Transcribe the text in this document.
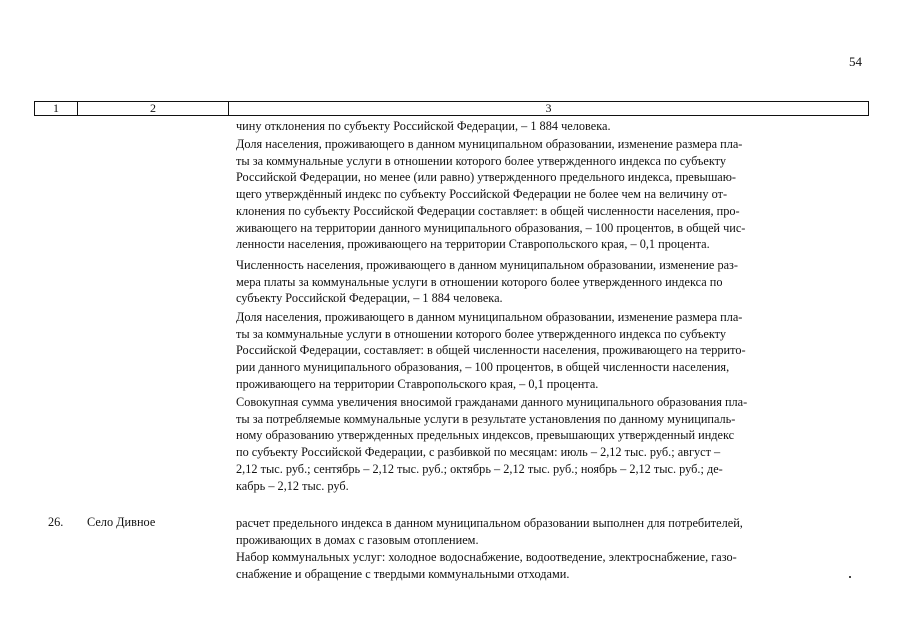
54
1	2	3
чину отклонения по субъекту Российской Федерации, – 1 884 человека.
Доля населения, проживающего в данном муниципальном образовании, изменение размера пла-
ты за коммунальные услуги в отношении которого более утвержденного индекса по субъекту
Российской Федерации, но менее (или равно) утвержденного предельного индекса, превышаю-
щего утверждённый индекс по субъекту Российской Федерации не более чем на величину от-
клонения по субъекту Российской Федерации составляет: в общей численности населения, про-
живающего на территории данного муниципального образования, – 100 процентов, в общей чис-
ленности населения, проживающего на территории Ставропольского края, – 0,1 процента.
Численность населения, проживающего в данном муниципальном образовании, изменение раз-
мера платы за коммунальные услуги в отношении которого более утвержденного индекса по
субъекту Российской Федерации, – 1 884 человека.
Доля населения, проживающего в данном муниципальном образовании, изменение размера пла-
ты за коммунальные услуги в отношении которого более утвержденного индекса по субъекту
Российской Федерации, составляет: в общей численности населения, проживающего на террито-
рии данного муниципального образования, – 100 процентов, в общей численности населения,
проживающего на территории Ставропольского края, – 0,1 процента.
Совокупная сумма увеличения вносимой гражданами данного муниципального образования пла-
ты за потребляемые коммунальные услуги в результате установления по данному муниципаль-
ному образованию утвержденных предельных индексов, превышающих утвержденный индекс
по субъекту Российской Федерации, с разбивкой по месяцам: июль – 2,12 тыс. руб.; август –
2,12 тыс. руб.; сентябрь – 2,12 тыс. руб.; октябрь – 2,12 тыс. руб.; ноябрь – 2,12 тыс. руб.; де-
кабрь – 2,12 тыс. руб.
26. Село Дивное	расчет предельного индекса в данном муниципальном образовании выполнен для потребителей,
проживающих в домах с газовым отоплением.
Набор коммунальных услуг: холодное водоснабжение, водоотведение, электроснабжение, газо-
снабжение и обращение с твердыми коммунальными отходами.
